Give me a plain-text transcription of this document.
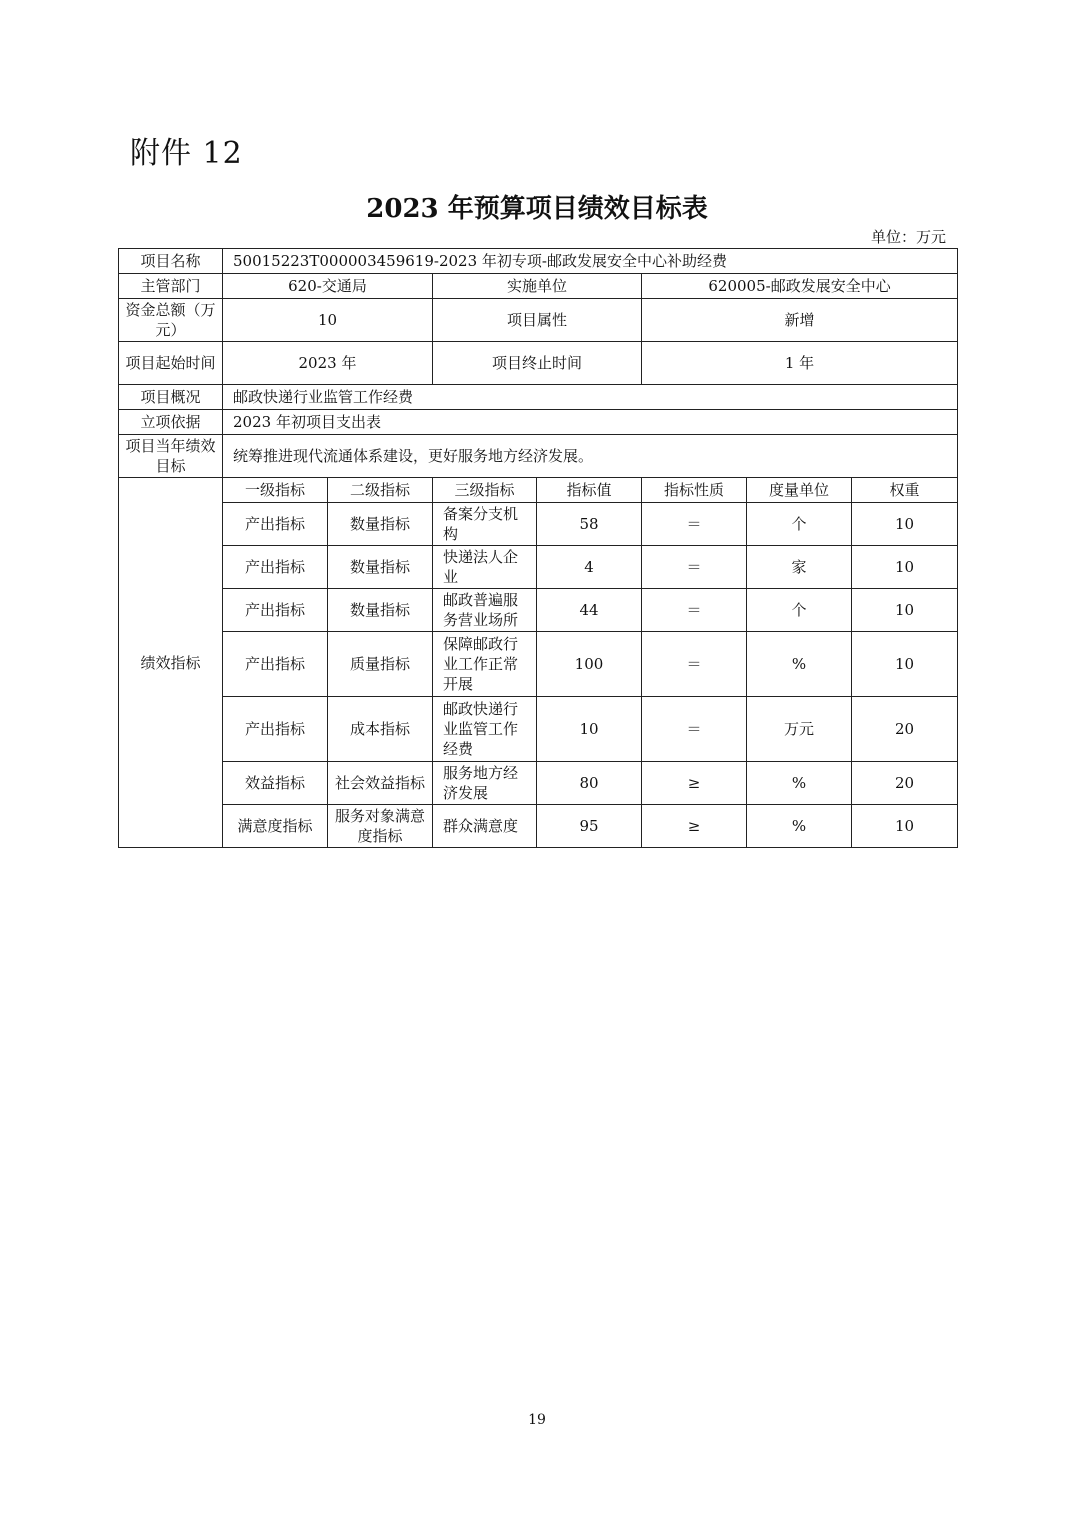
附件 12
2023 年预算项目绩效目标表
单位：万元
项目名称	50015223T000003459619-2023 年初专项-邮政发展安全中心补助经费						
主管部门	620-交通局		实施单位		620005-邮政发展安全中心		
资金总额（万元）	10		项目属性		新增		
项目起始时间	2023 年		项目终止时间		1 年		
项目概况	邮政快递行业监管工作经费						
立项依据	2023 年初项目支出表						
项目当年绩效目标	统筹推进现代流通体系建设，更好服务地方经济发展。						
绩效指标	一级指标	二级指标	三级指标	指标值	指标性质	度量单位	权重
	产出指标	数量指标	备案分支机构	58	＝	个	10
	产出指标	数量指标	快递法人企业	4	＝	家	10
	产出指标	数量指标	邮政普遍服务营业场所	44	＝	个	10
	产出指标	质量指标	保障邮政行业工作正常开展	100	＝	%	10
	产出指标	成本指标	邮政快递行业监管工作经费	10	＝	万元	20
	效益指标	社会效益指标	服务地方经济发展	80	≥	%	20
	满意度指标	服务对象满意度指标	群众满意度	95	≥	%	10
19
